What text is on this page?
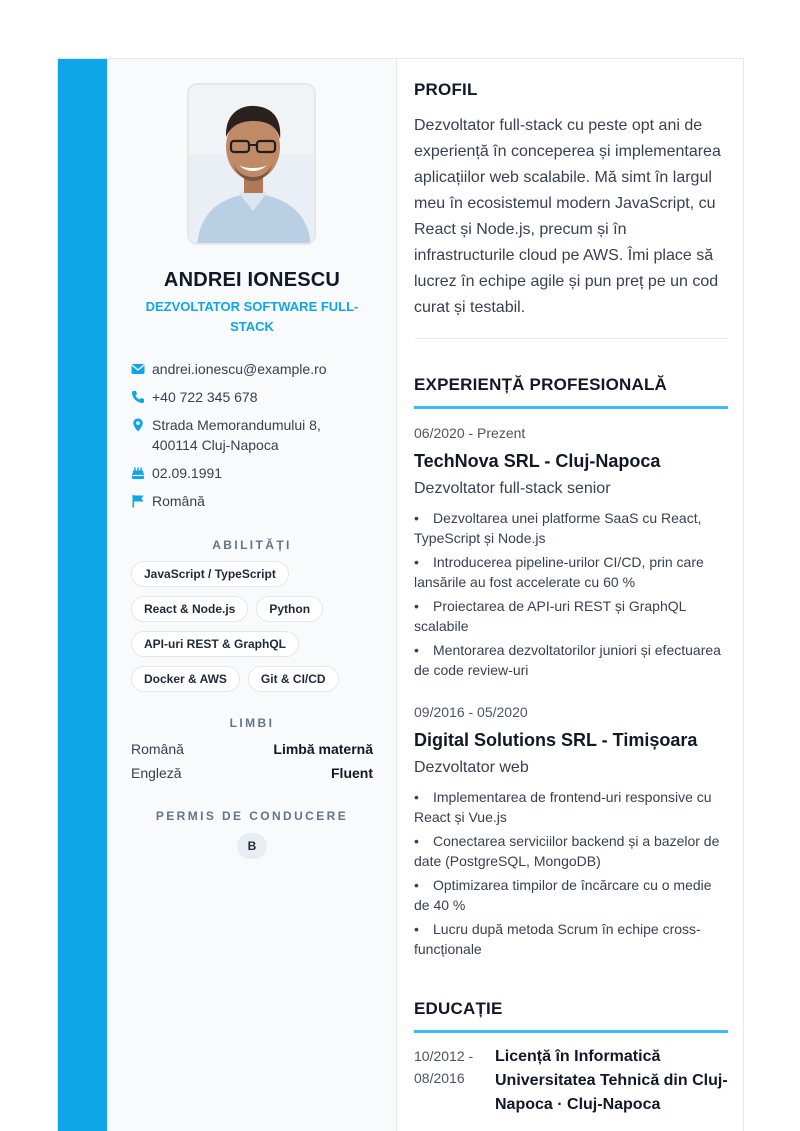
ANDREI IONESCU
DEZVOLTATOR SOFTWARE FULL-STACK
andrei.ionescu@example.ro
+40 722 345 678
Strada Memorandumului 8, 400114 Cluj-Napoca
02.09.1991
Română
ABILITĂȚI
JavaScript / TypeScript
React & Node.js	Python
API-uri REST & GraphQL
Docker & AWS	Git & CI/CD
LIMBI
Română	Limbă maternă
Engleză	Fluent
PERMIS DE CONDUCERE
B
PROFIL
Dezvoltator full-stack cu peste opt ani de experiență în conceperea și implementarea aplicațiilor web scalabile. Mă simt în largul meu în ecosistemul modern JavaScript, cu React și Node.js, precum și în infrastructurile cloud pe AWS. Îmi place să lucrez în echipe agile și pun preț pe un cod curat și testabil.
EXPERIENȚĂ PROFESIONALĂ
06/2020 - Prezent
TechNova SRL - Cluj-Napoca
Dezvoltator full-stack senior
• Dezvoltarea unei platforme SaaS cu React, TypeScript și Node.js
• Introducerea pipeline-urilor CI/CD, prin care lansările au fost accelerate cu 60 %
• Proiectarea de API-uri REST și GraphQL scalabile
• Mentorarea dezvoltatorilor juniori și efectuarea de code review-uri
09/2016 - 05/2020
Digital Solutions SRL - Timișoara
Dezvoltator web
• Implementarea de frontend-uri responsive cu React și Vue.js
• Conectarea serviciilor backend și a bazelor de date (PostgreSQL, MongoDB)
• Optimizarea timpilor de încărcare cu o medie de 40 %
• Lucru după metoda Scrum în echipe cross-funcționale
EDUCAȚIE
10/2012 - 08/2016
Licență în Informatică
Universitatea Tehnică din Cluj-Napoca · Cluj-Napoca
